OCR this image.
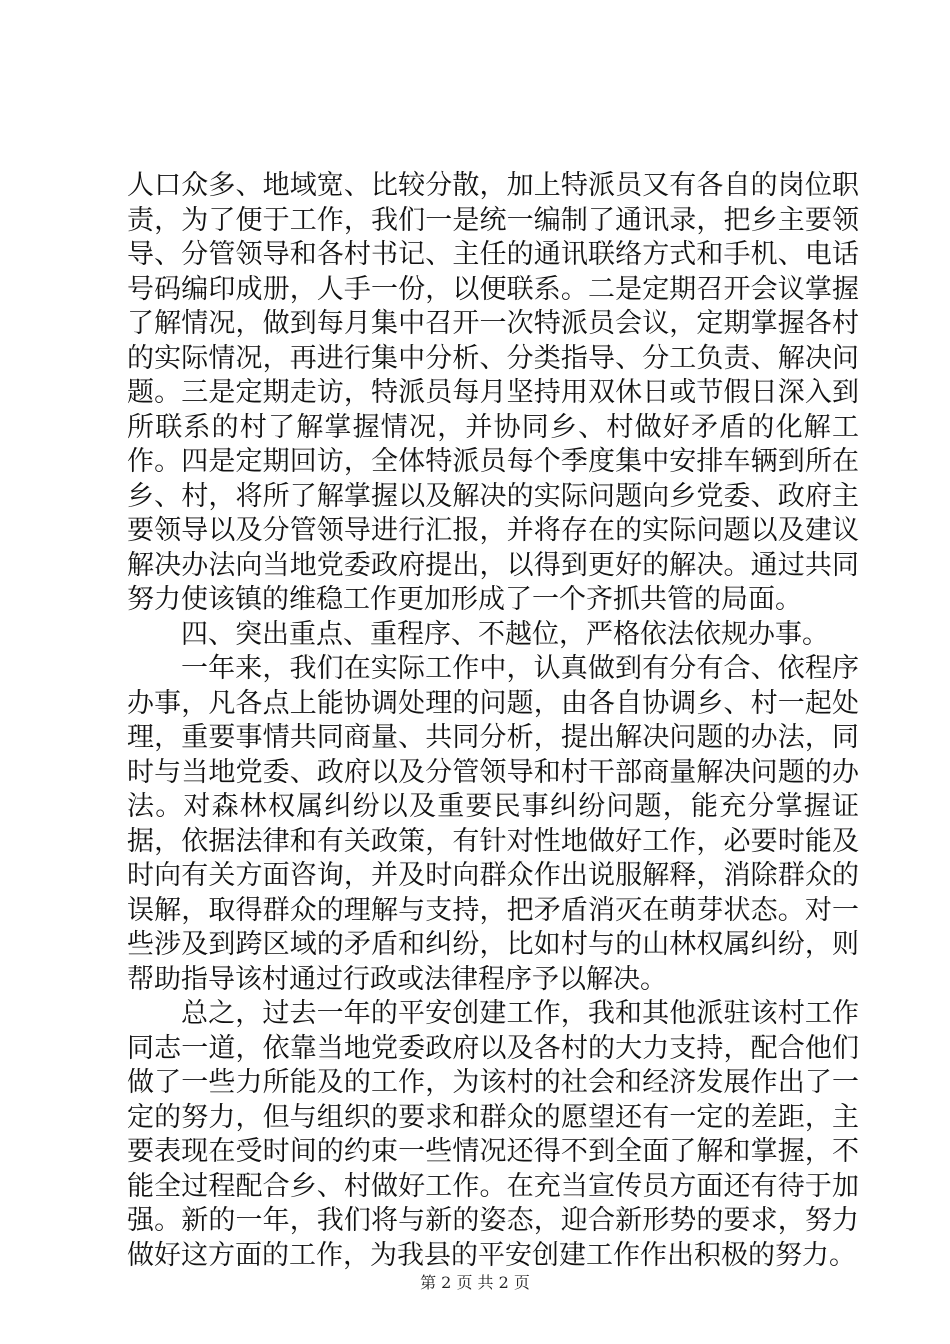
人口众多、地域宽、比较分散，加上特派员又有各自的岗位职责，为了便于工作，我们一是统一编制了通讯录，把乡主要领导、分管领导和各村书记、主任的通讯联络方式和手机、电话号码编印成册，人手一份，以便联系。二是定期召开会议掌握了解情况，做到每月集中召开一次特派员会议，定期掌握各村的实际情况，再进行集中分析、分类指导、分工负责、解决问题。三是定期走访，特派员每月坚持用双休日或节假日深入到所联系的村了解掌握情况，并协同乡、村做好矛盾的化解工作。四是定期回访，全体特派员每个季度集中安排车辆到所在乡、村，将所了解掌握以及解决的实际问题向乡党委、政府主要领导以及分管领导进行汇报，并将存在的实际问题以及建议解决办法向当地党委政府提出，以得到更好的解决。通过共同努力使该镇的维稳工作更加形成了一个齐抓共管的局面。

四、突出重点、重程序、不越位，严格依法依规办事。

一年来，我们在实际工作中，认真做到有分有合、依程序办事，凡各点上能协调处理的问题，由各自协调乡、村一起处理，重要事情共同商量、共同分析，提出解决问题的办法，同时与当地党委、政府以及分管领导和村干部商量解决问题的办法。对森林权属纠纷以及重要民事纠纷问题，能充分掌握证据，依据法律和有关政策，有针对性地做好工作，必要时能及时向有关方面咨询，并及时向群众作出说服解释，消除群众的误解，取得群众的理解与支持，把矛盾消灭在萌芽状态。对一些涉及到跨区域的矛盾和纠纷，比如村与的山林权属纠纷，则帮助指导该村通过行政或法律程序予以解决。

总之，过去一年的平安创建工作，我和其他派驻该村工作同志一道，依靠当地党委政府以及各村的大力支持，配合他们做了一些力所能及的工作，为该村的社会和经济发展作出了一定的努力，但与组织的要求和群众的愿望还有一定的差距，主要表现在受时间的约束一些情况还得不到全面了解和掌握，不能全过程配合乡、村做好工作。在充当宣传员方面还有待于加强。新的一年，我们将与新的姿态，迎合新形势的要求，努力做好这方面的工作，为我县的平安创建工作作出积极的努力。

第 2 页 共 2 页
